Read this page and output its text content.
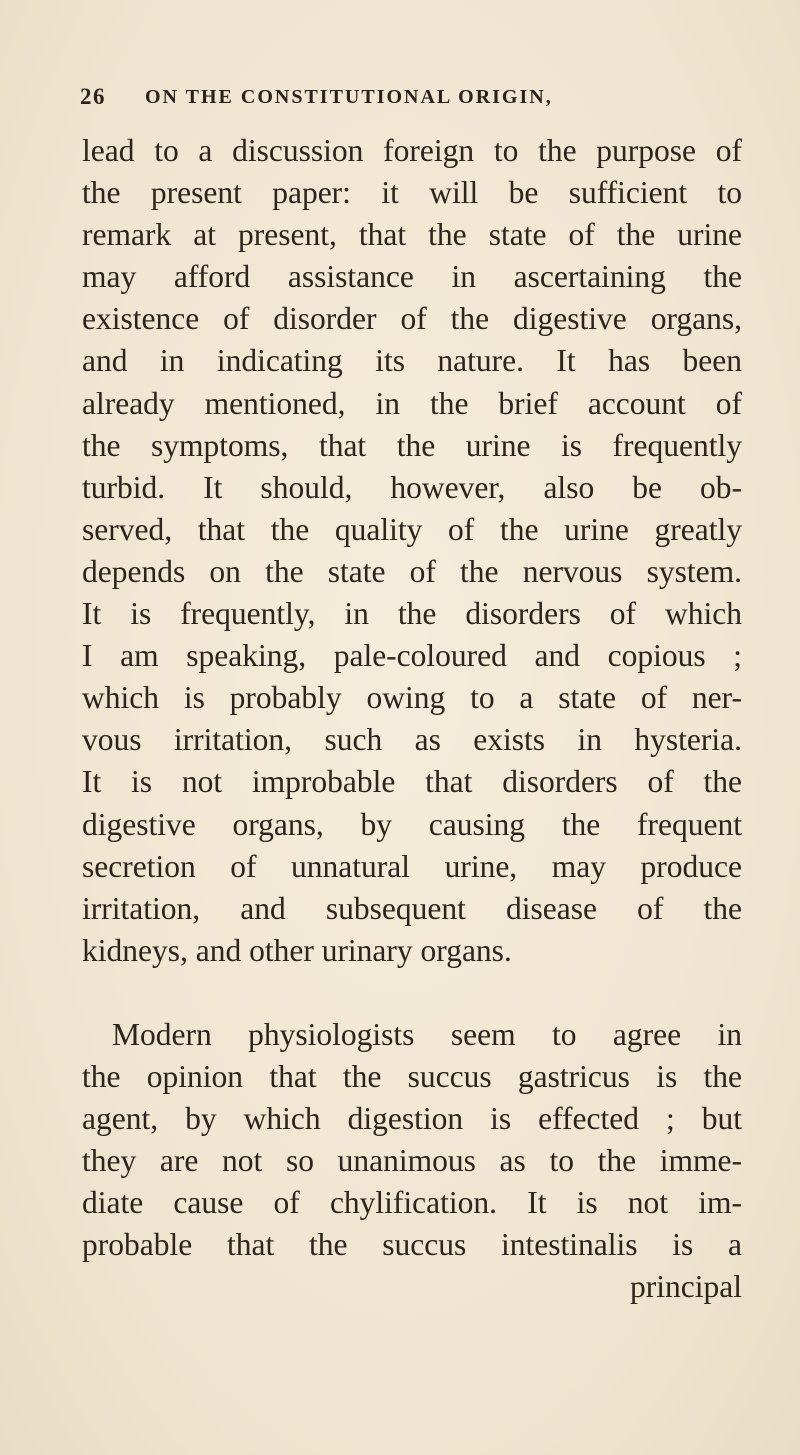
26 ON THE CONSTITUTIONAL ORIGIN,
lead to a discussion foreign to the purpose of
the present paper: it will be sufficient to
remark at present, that the state of the urine
may afford assistance in ascertaining the
existence of disorder of the digestive organs,
and in indicating its nature. It has been
already mentioned, in the brief account of
the symptoms, that the urine is frequently
turbid. It should, however, also be ob-
served, that the quality of the urine greatly
depends on the state of the nervous system.
It is frequently, in the disorders of which
I am speaking, pale-coloured and copious ;
which is probably owing to a state of ner-
vous irritation, such as exists in hysteria.
It is not improbable that disorders of the
digestive organs, by causing the frequent
secretion of unnatural urine, may produce
irritation, and subsequent disease of the
kidneys, and other urinary organs.
Modern physiologists seem to agree in
the opinion that the succus gastricus is the
agent, by which digestion is effected ; but
they are not so unanimous as to the imme-
diate cause of chylification. It is not im-
probable that the succus intestinalis is a
principal
